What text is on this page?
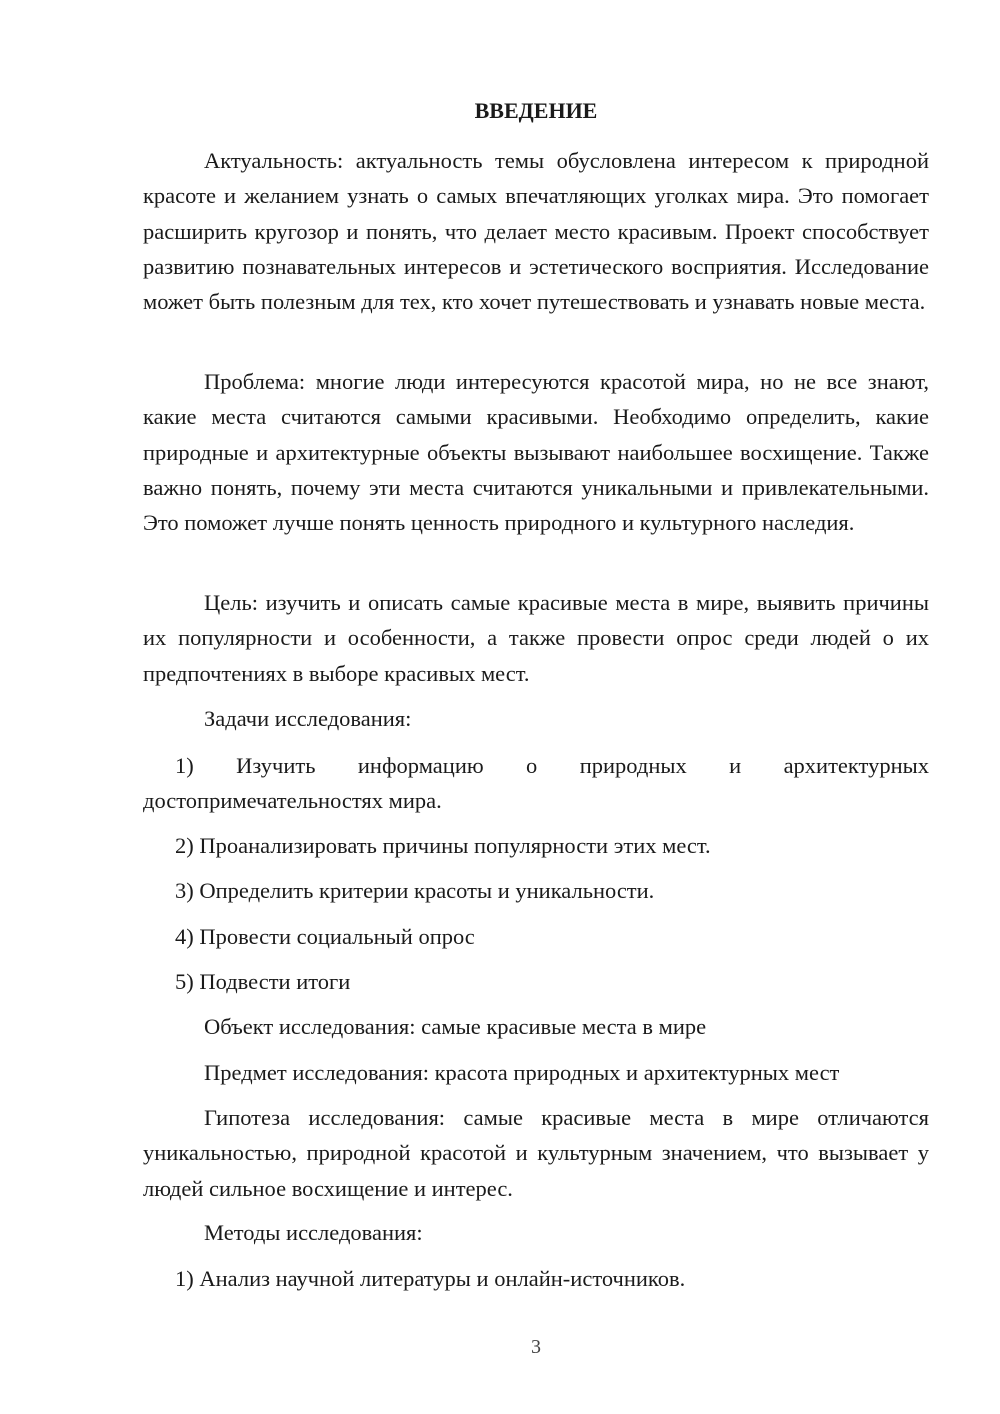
ВВЕДЕНИЕ

Актуальность: актуальность темы обусловлена интересом к природной красоте и желанием узнать о самых впечатляющих уголках мира. Это помогает расширить кругозор и понять, что делает место красивым. Проект способствует развитию познавательных интересов и эстетического восприятия. Исследование может быть полезным для тех, кто хочет путешествовать и узнавать новые места.

Проблема: многие люди интересуются красотой мира, но не все знают, какие места считаются самыми красивыми. Необходимо определить, какие природные и архитектурные объекты вызывают наибольшее восхищение. Также важно понять, почему эти места считаются уникальными и привлекательными. Это поможет лучше понять ценность природного и культурного наследия.

Цель: изучить и описать самые красивые места в мире, выявить причины их популярности и особенности, а также провести опрос среди людей о их предпочтениях в выборе красивых мест.

Задачи исследования:

1) Изучить информацию о природных и архитектурных достопримечательностях мира.

2) Проанализировать причины популярности этих мест.

3) Определить критерии красоты и уникальности.

4) Провести социальный опрос

5) Подвести итоги

Объект исследования: самые красивые места в мире

Предмет исследования: красота природных и архитектурных мест

Гипотеза исследования: самые красивые места в мире отличаются уникальностью, природной красотой и культурным значением, что вызывает у людей сильное восхищение и интерес.

Методы исследования:

1) Анализ научной литературы и онлайн-источников.

3
